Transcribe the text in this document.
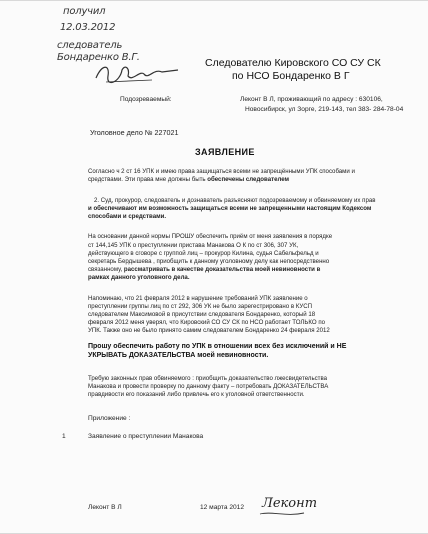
получил
12.03.2012
следователь
Бондаренко В.Г.	Следователю Кировского СО СУ СК
по НСО Бондаренко В Г
Подозреваемый:	Леконт В Л, проживающий по адресу : 630106,
Новосибирск, ул Зорге, 219-143, тел 383- 284-78-04
Уголовное дело № 227021
ЗАЯВЛЕНИЕ
Согласно ч 2 ст 16 УПК и имею права защищаться всеми не запрещёнными УПК способами и
средствами. Эти права мне должны быть обеспечены следователем
2. Суд, прокурор, следователь и дознаватель разъясняют подозреваемому и обвиняемому их прав
и обеспечивают им возможность защищаться всеми не запрещенными настоящим Кодексом
способами и средствами.
На основании данной нормы ПРОШУ обеспечить приём от меня заявления в порядке
ст 144,145 УПК о преступлении пристава Манакова О К по ст 306, 307 УК,
действующего в сговоре с группой лиц – прокурор Килина, судья Сабельфельд и
секретарь Бердышева , приобщить к данному уголовному делу как непосредственно
связанному, рассматривать в качестве доказательства моей невиновности в
рамках данного уголовного дела.
Напоминаю, что 21 февраля 2012 в нарушение требований УПК заявление о
преступлении группы лиц по ст 292, 306 УК не было зарегестрировано в КУСП
следователем Максимовой в присутствии следователя Бондаренко, который 18
февраля 2012 меня уверял, что Кировский СО СУ СК по НСО работает ТОЛЬКО по
УПК. Также оно не было принято самим следователем Бондаренко 24 февраля 2012
Прошу обеспечить работу по УПК в отношении всех без исключений и НЕ
УКРЫВАТЬ ДОКАЗАТЕЛЬСТВА моей невиновности.
Требую законных прав обвиняемого : приобщить доказательство лжесвидетельства
Манакова и провести проверку по данному факту – потребовать ДОКАЗАТЕЛЬСТВА
правдивости его показаний либо привлечь его к уголовной ответственности.
Приложение :
1	Заявление о преступлении Манакова
Леконт В Л	12 марта 2012 Леконт
